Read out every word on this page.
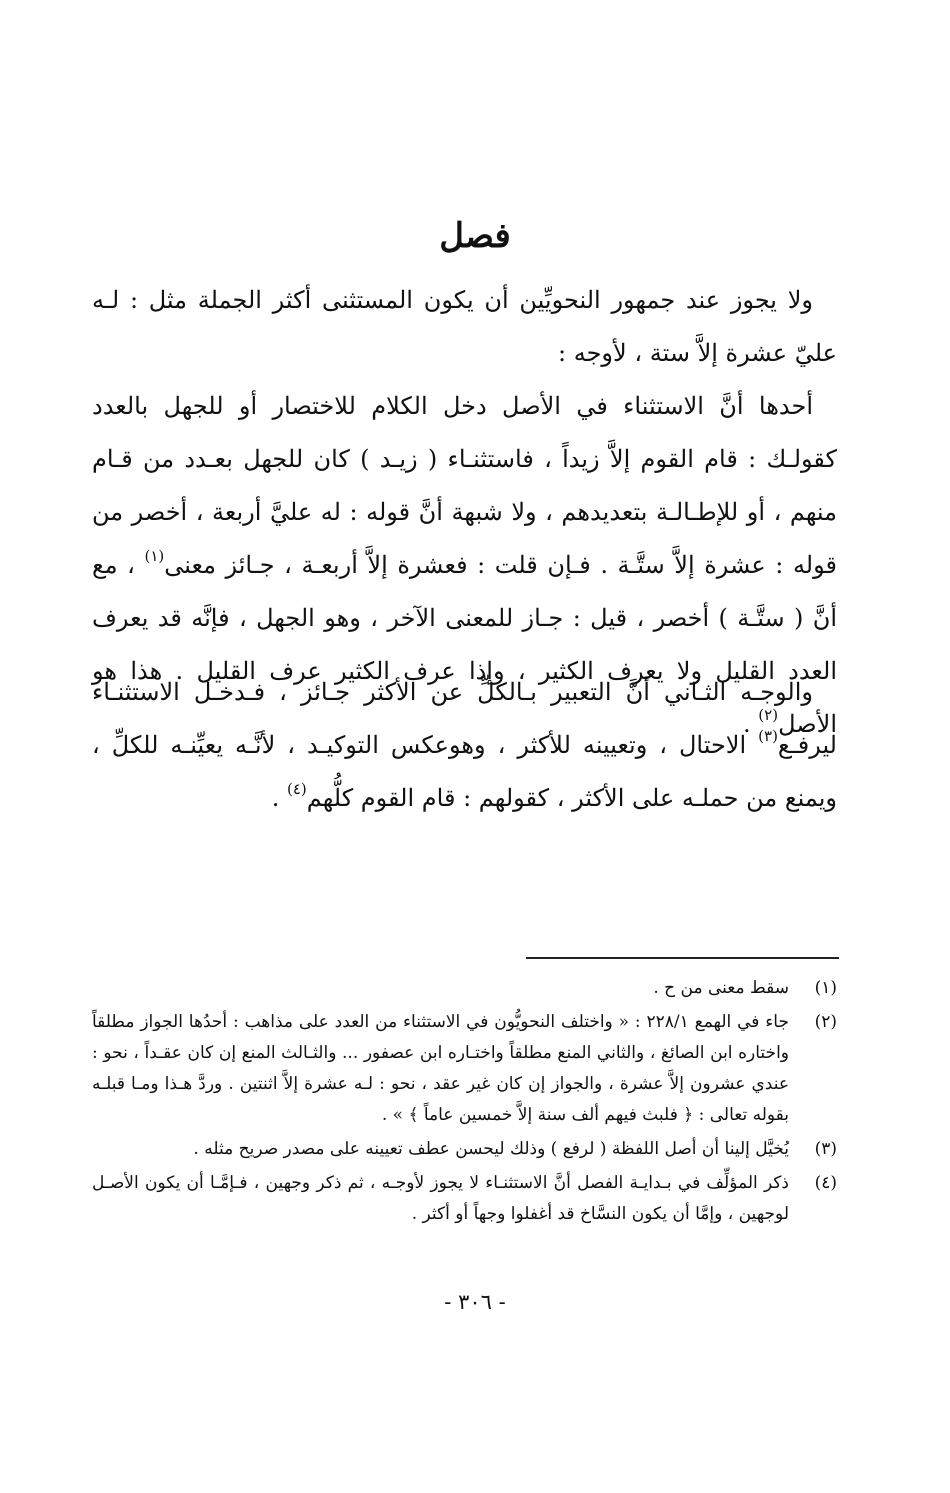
فصل

ولا يجوز عند جمهور النحويِّين أن يكون المستثنى أكثر الجملة مثل : لـه عليّ عشرة إلاَّ ستة ، لأوجه :

أحدها أنَّ الاستثناء في الأصل دخل الكلام للاختصار أو للجهل بالعدد كقولـك : قام القوم إلاَّ زيداً ، فاستثنـاء ( زيـد ) كان للجهل بعـدد من قـام منهم ، أو للإطـالـة بتعديدهم ، ولا شبهة أنَّ قوله : له عليَّ أربعة ، أخصر من قوله : عشرة إلاَّ ستَّـة . فـإن قلت : فعشرة إلاَّ أربعـة ، جـائز معنى$^{(١)}$ ، مع أنَّ ( ستَّـة ) أخصر ، قيل : جـاز للمعنى الآخر ، وهو الجهل ، فإنَّه قد يعرف العدد القليل ولا يعرف الكثير ، وإذا عرف الكثير عرف القليل . هذا هو الأصل$^{(٢)}$ .

والوجـه الثـاني أنَّ التعبير بـالكلِّ عن الأكثر جـائز ، فـدخـل الاستثنـاء ليرفـع$^{(٣)}$ الاحتال ، وتعيينه للأكثر ، وهوعكس التوكيـد ، لأنَّـه يعيِّنـه للكلِّ ، ويمنع من حملـه على الأكثر ، كقولهم : قام القوم كلُّهم$^{(٤)}$ .

(١)
سقط معنى من ح .
(٢)
جاء في الهمع ٢٢٨/١ : « واختلف النحويُّون في الاستثناء من العدد على مذاهب : أحدُها الجواز مطلقاً واختاره ابن الصائغ ، والثاني المنع مطلقاً واختـاره ابن عصفور ... والثـالث المنع إن كان عقـداً ، نحو : عندي عشرون إلاَّ عشرة ، والجواز إن كان غير عقد ، نحو : لـه عشرة إلاَّ اثنتين . وردَّ هـذا ومـا قبلـه بقوله تعالى : ﴿ فلبث فيهم ألف سنة إلاَّ خمسين عاماً ﴾ » .
(٣)
يُخيَّل إلينا أن أصل اللفظة ( لرفع ) وذلك ليحسن عطف تعيينه على مصدر صريح مثله .
(٤)
ذكر المؤلِّف في بـدايـة الفصل أنَّ الاستثنـاء لا يجوز لأوجـه ، ثم ذكر وجهين ، فـإمَّـا أن يكون الأصـل لوجهين ، وإمَّا أن يكون النسَّاخ قد أغفلوا وجهاً أو أكثر .
- ٣٠٦ -
